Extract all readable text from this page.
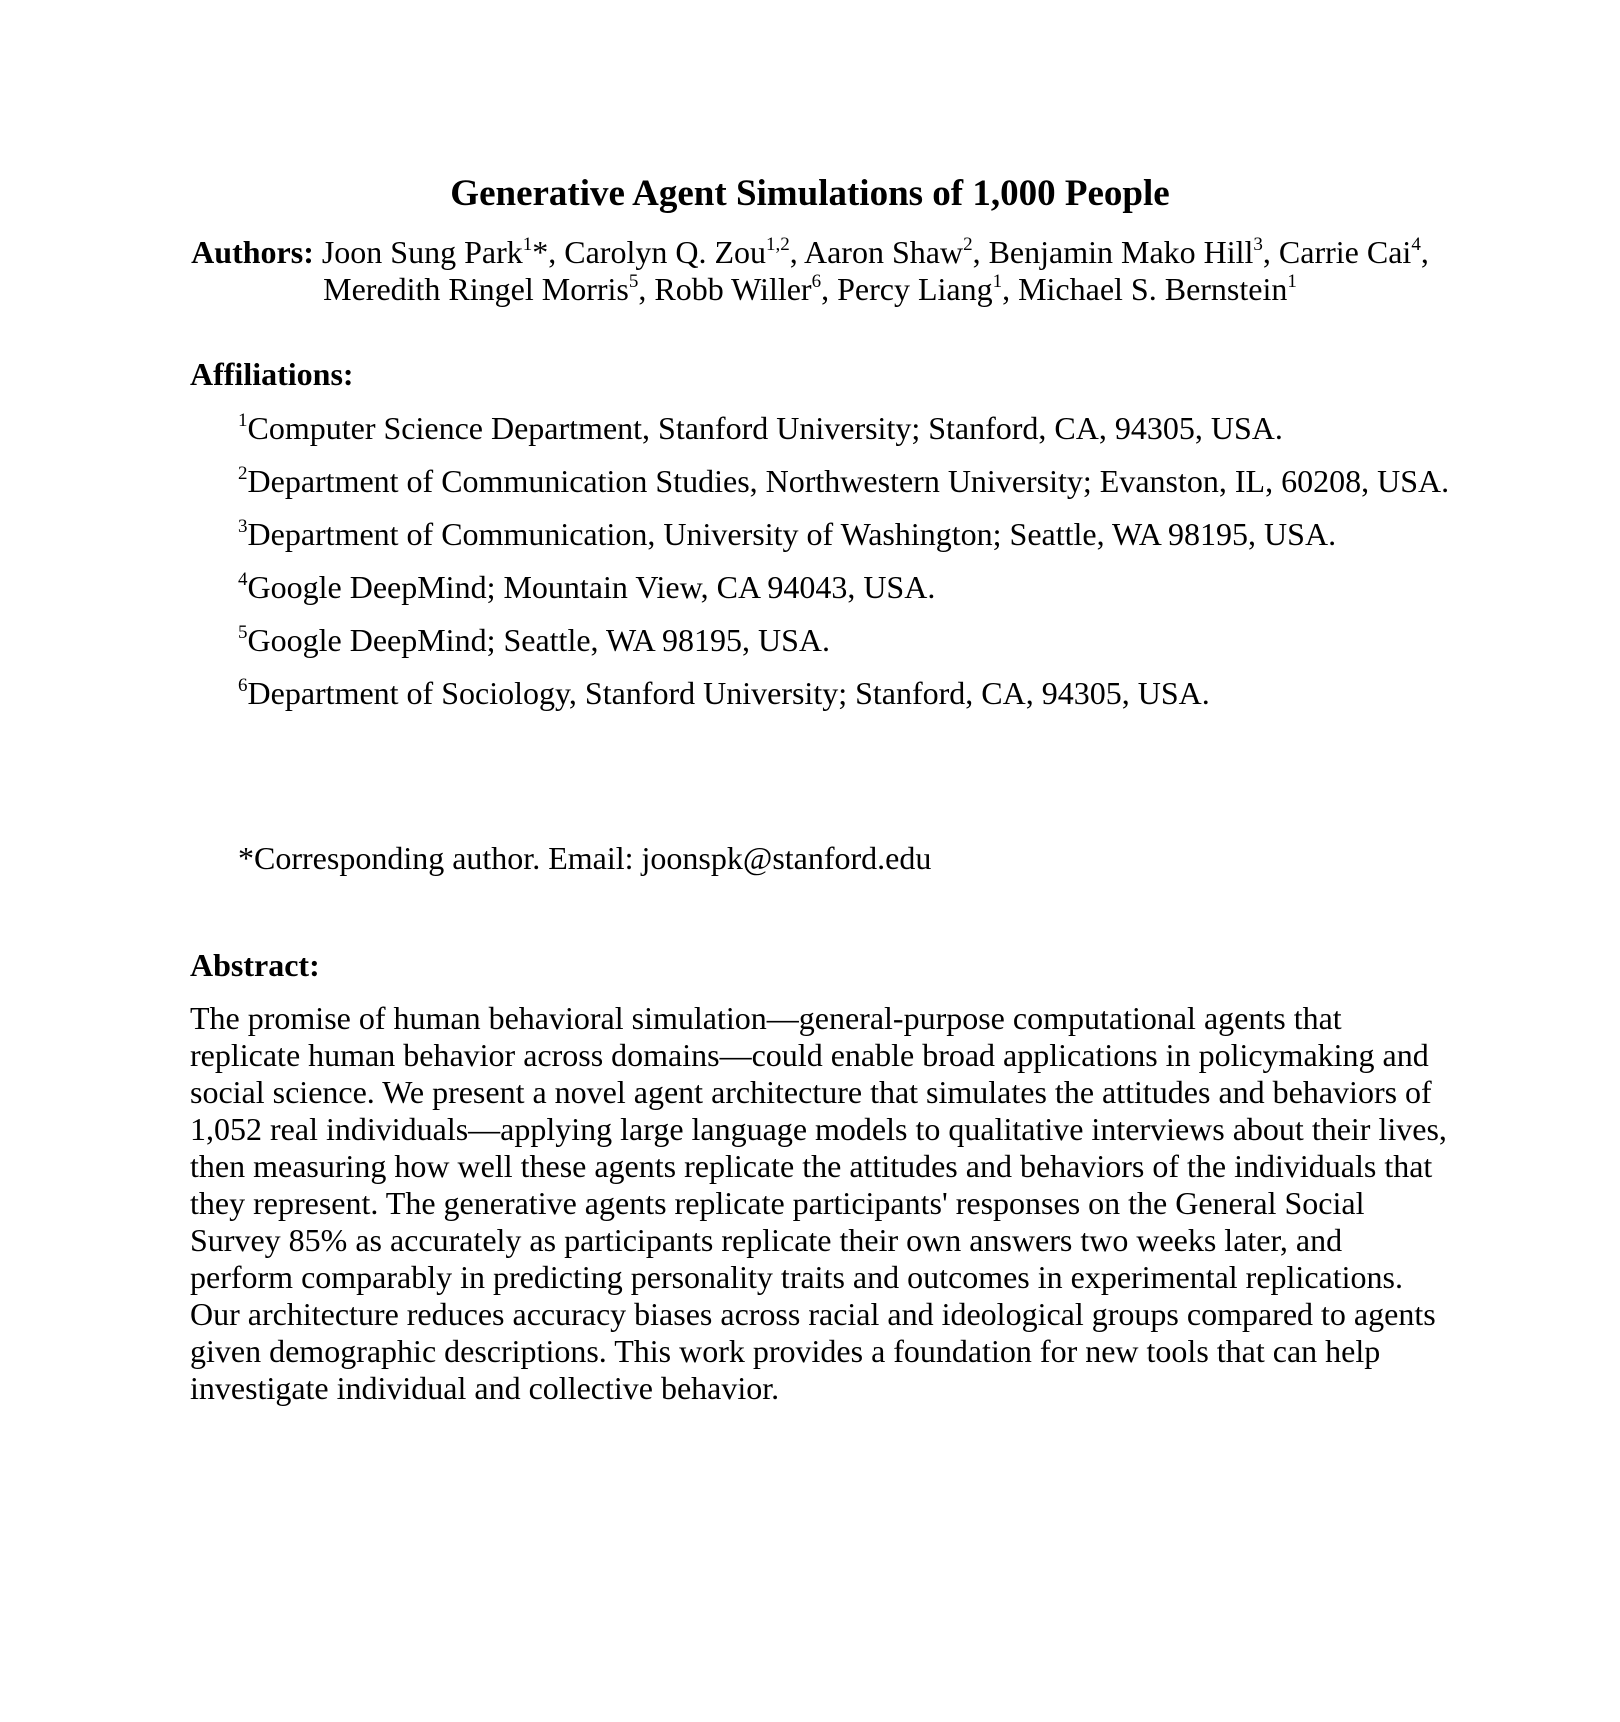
Generative Agent Simulations of 1,000 People

Authors: Joon Sung Park$^1$*, Carolyn Q. Zou$^{1,2}$, Aaron Shaw$^2$, Benjamin Mako Hill$^3$, Carrie Cai$^4$,
Meredith Ringel Morris$^5$, Robb Willer$^6$, Percy Liang$^1$, Michael S. Bernstein$^1$

Affiliations:
$^1$Computer Science Department, Stanford University; Stanford, CA, 94305, USA.
$^2$Department of Communication Studies, Northwestern University; Evanston, IL, 60208, USA.
$^3$Department of Communication, University of Washington; Seattle, WA 98195, USA.
$^4$Google DeepMind; Mountain View, CA 94043, USA.
$^5$Google DeepMind; Seattle, WA 98195, USA.
$^6$Department of Sociology, Stanford University; Stanford, CA, 94305, USA.

*Corresponding author. Email: joonspk@stanford.edu

Abstract:

The promise of human behavioral simulation—general-purpose computational agents that replicate human behavior across domains—could enable broad applications in policymaking and social science. We present a novel agent architecture that simulates the attitudes and behaviors of 1,052 real individuals—applying large language models to qualitative interviews about their lives, then measuring how well these agents replicate the attitudes and behaviors of the individuals that they represent. The generative agents replicate participants' responses on the General Social Survey 85% as accurately as participants replicate their own answers two weeks later, and perform comparably in predicting personality traits and outcomes in experimental replications. Our architecture reduces accuracy biases across racial and ideological groups compared to agents given demographic descriptions. This work provides a foundation for new tools that can help investigate individual and collective behavior.
